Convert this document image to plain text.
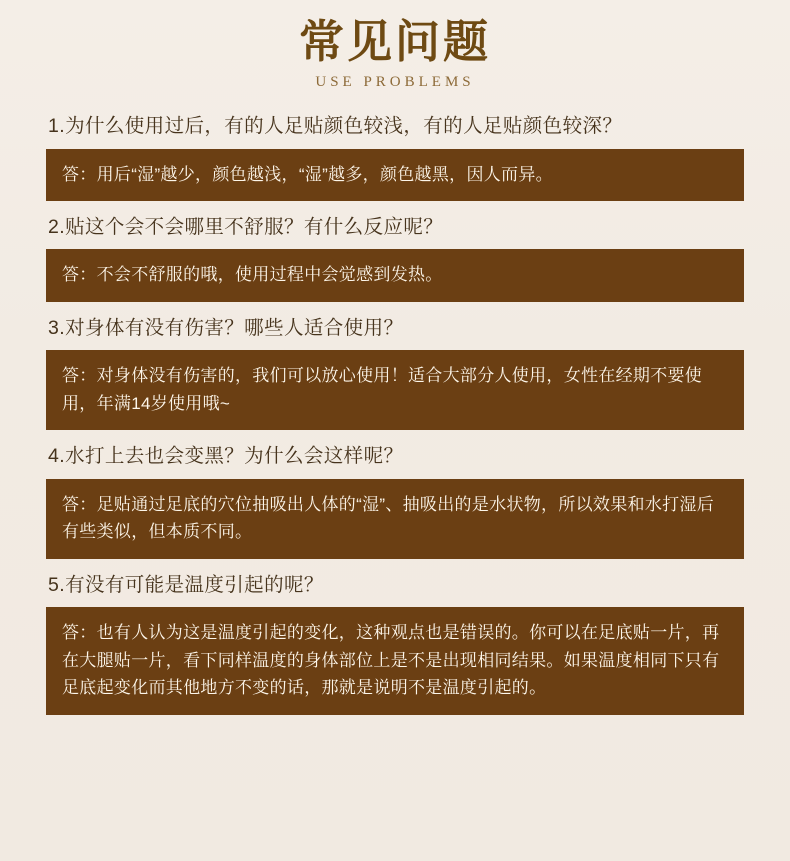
常见问题
USE PROBLEMS
1.为什么使用过后，有的人足贴颜色较浅，有的人足贴颜色较深？
答：用后“湿”越少，颜色越浅，“湿”越多，颜色越黑，因人而异。
2.贴这个会不会哪里不舒服？有什么反应呢？
答：不会不舒服的哦，使用过程中会觉感到发热。
3.对身体有没有伤害？哪些人适合使用？
答：对身体没有伤害的，我们可以放心使用！适合大部分人使用，女性在经期不要使用，年满14岁使用哦~
4.水打上去也会变黑？为什么会这样呢？
答：足贴通过足底的穴位抽吸出人体的“湿”、抽吸出的是水状物，所以效果和水打湿后有些类似，但本质不同。
5.有没有可能是温度引起的呢？
答：也有人认为这是温度引起的变化，这种观点也是错误的。你可以在足底贴一片，再在大腿贴一片，看下同样温度的身体部位上是不是出现相同结果。如果温度相同下只有足底起变化而其他地方不变的话，那就是说明不是温度引起的。
